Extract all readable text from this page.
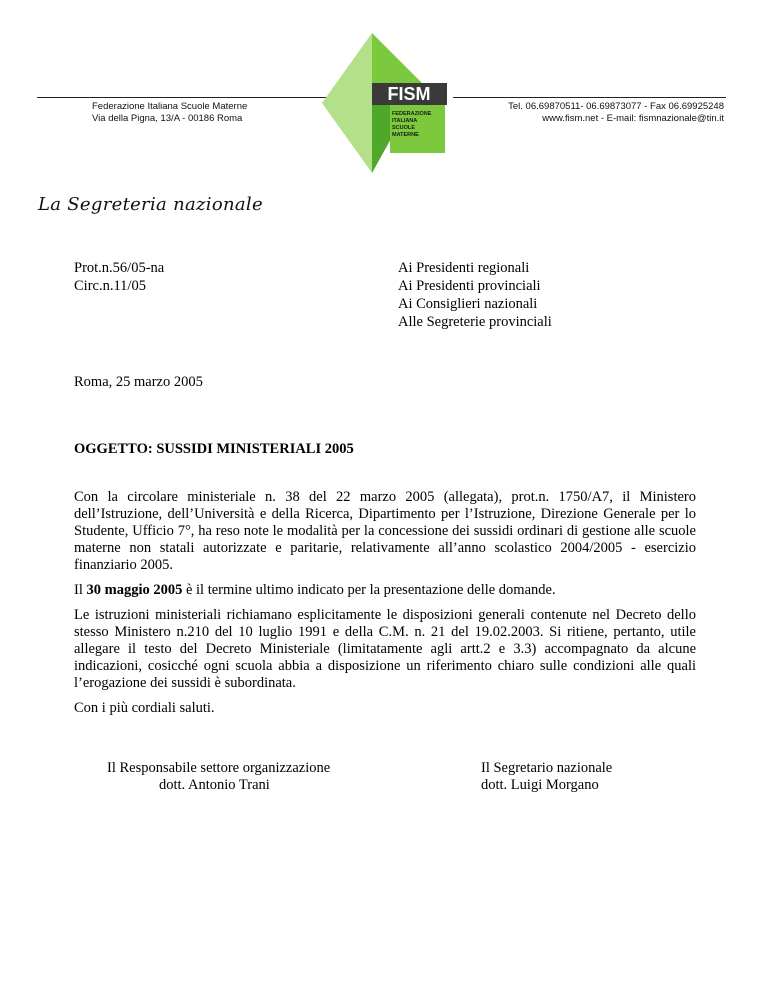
Federazione Italiana Scuole Materne
Via della Pigna, 13/A - 00186 Roma
Tel. 06.69870511- 06.69873077 - Fax 06.69925248
www.fism.net - E-mail: fismnazionale@tin.it
FISM
FEDERAZIONE
ITALIANA
SCUOLE
MATERNE
La Segreteria nazionale
Prot.n.56/05-na
Circ.n.11/05
Ai Presidenti regionali
Ai Presidenti provinciali
Ai Consiglieri nazionali
Alle Segreterie provinciali
Roma, 25 marzo 2005
OGGETTO: SUSSIDI MINISTERIALI 2005

Con la circolare ministeriale n. 38 del 22 marzo 2005 (allegata), prot.n. 1750/A7, il Ministero dell’Istruzione, dell’Università e della Ricerca, Dipartimento per l’Istruzione, Direzione Generale per lo Studente, Ufficio 7°, ha reso note le modalità per la concessione dei sussidi ordinari di gestione alle scuole materne non statali autorizzate e paritarie, relativamente all’anno scolastico 2004/2005 - esercizio finanziario 2005.

Il 30 maggio 2005 è il termine ultimo indicato per la presentazione delle domande.

Le istruzioni ministeriali richiamano esplicitamente le disposizioni generali contenute nel Decreto dello stesso Ministero n.210 del 10 luglio 1991 e della C.M. n. 21 del 19.02.2003. Si ritiene, pertanto, utile allegare il testo del Decreto Ministeriale (limitatamente agli artt.2 e 3.3) accompagnato da alcune indicazioni, cosicché ogni scuola abbia a disposizione un riferimento chiaro sulle condizioni alle quali l’erogazione dei sussidi è subordinata.

Con i più cordiali saluti.

Il Responsabile settore organizzazione
dott. Antonio Trani
Il Segretario nazionale
dott. Luigi Morgano
